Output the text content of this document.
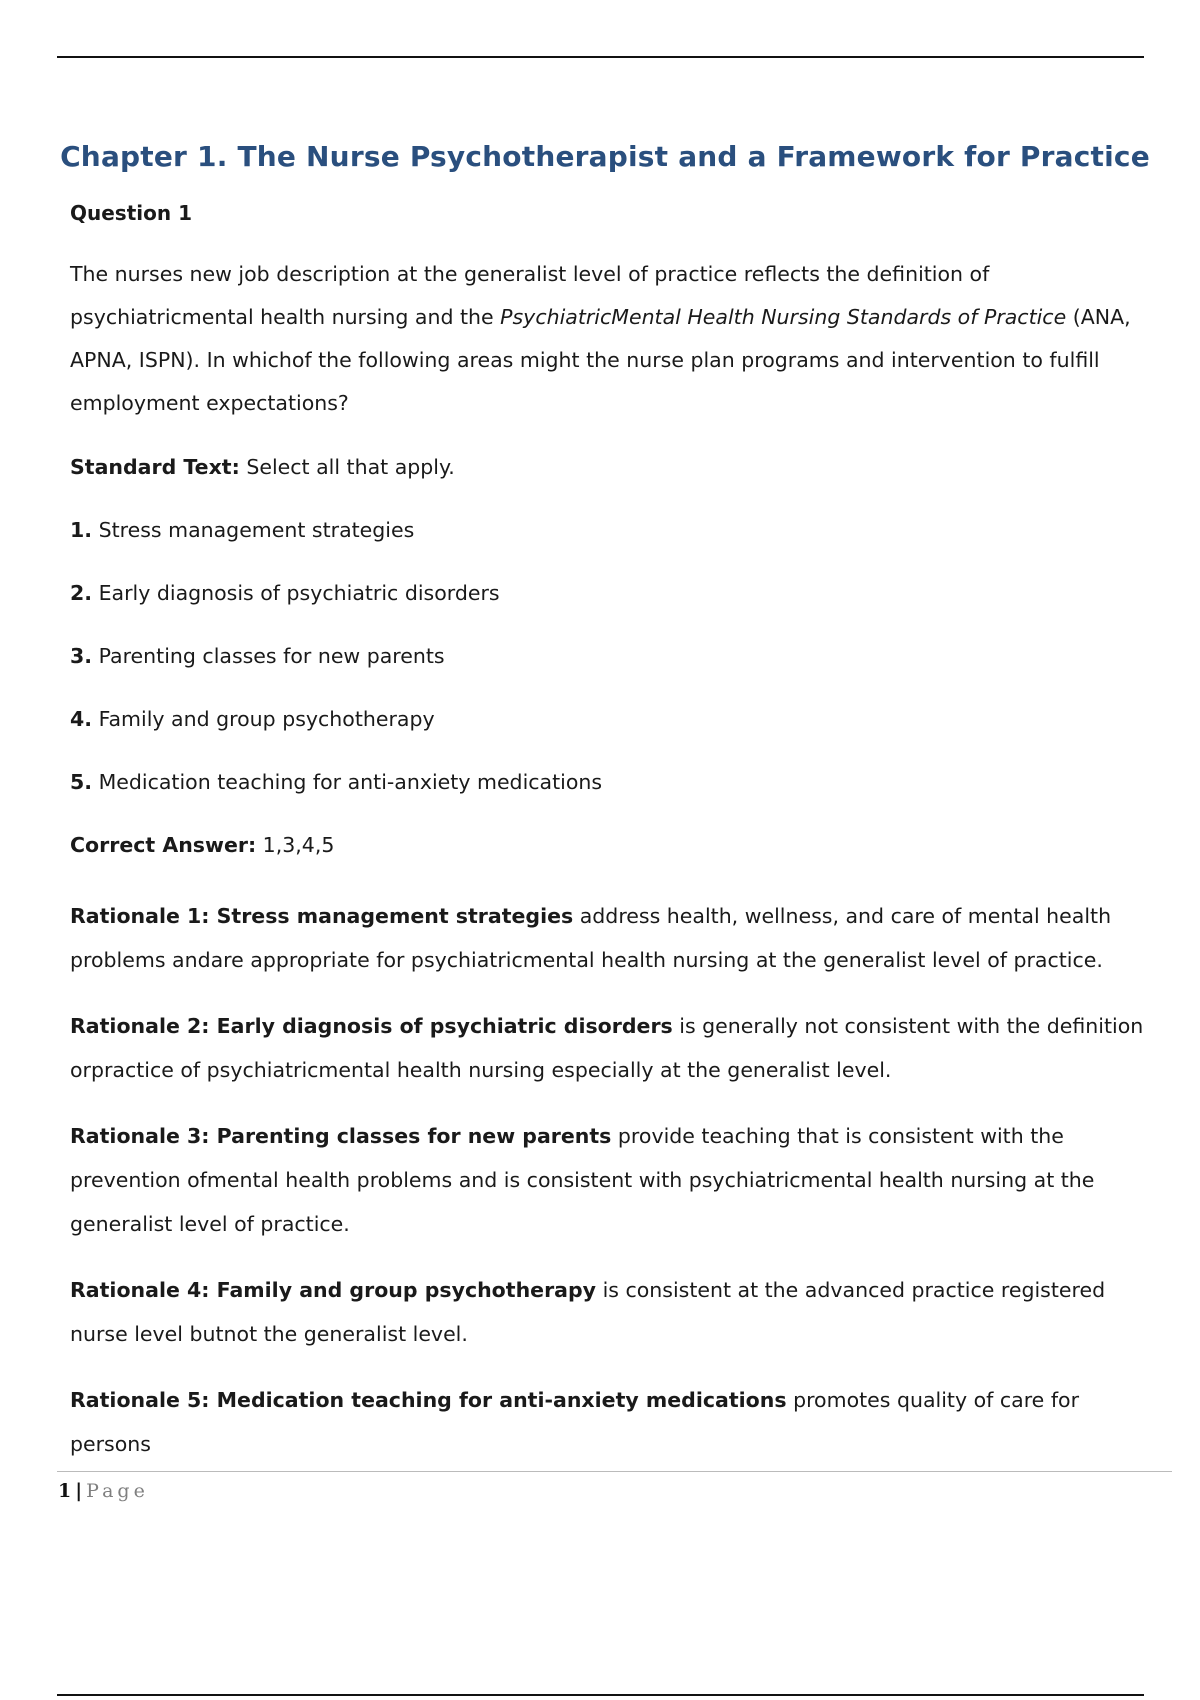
Chapter 1. The Nurse Psychotherapist and a Framework for Practice
Question 1

The nurses new job description at the generalist level of practice reflects the definition of psychiatricmental health nursing and the PsychiatricMental Health Nursing Standards of Practice (ANA, APNA, ISPN). In whichof the following areas might the nurse plan programs and intervention to fulfill employment expectations?

Standard Text: Select all that apply.

1. Stress management strategies

2. Early diagnosis of psychiatric disorders

3. Parenting classes for new parents

4. Family and group psychotherapy

5. Medication teaching for anti-anxiety medications

Correct Answer: 1,3,4,5

Rationale 1: Stress management strategies address health, wellness, and care of mental health problems andare appropriate for psychiatricmental health nursing at the generalist level of practice.

Rationale 2: Early diagnosis of psychiatric disorders is generally not consistent with the definition orpractice of psychiatricmental health nursing especially at the generalist level.

Rationale 3: Parenting classes for new parents provide teaching that is consistent with the prevention ofmental health problems and is consistent with psychiatricmental health nursing at the generalist level of practice.

Rationale 4: Family and group psychotherapy is consistent at the advanced practice registered nurse level butnot the generalist level.

Rationale 5: Medication teaching for anti-anxiety medications promotes quality of care for persons

1 | Page
